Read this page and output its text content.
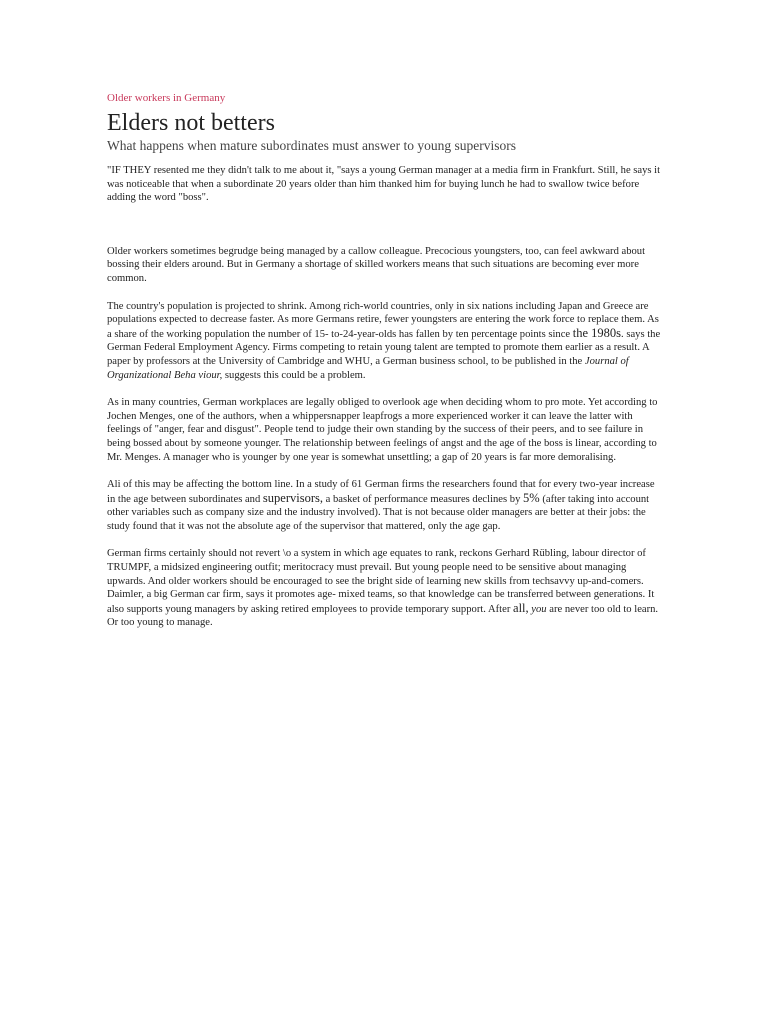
Older workers in Germany
Elders not betters
What happens when mature subordinates must answer to young supervisors

"IF THEY resented me they didn't talk to me about it, "says a young German manager at a media firm in Frankfurt. Still, he says it was noticeable that when a subordinate 20 years older than him thanked him for buying lunch he had to swallow twice before adding the word "boss".

Older workers sometimes begrudge being managed by a callow colleague. Precocious youngsters, too, can feel awkward about bossing their elders around. But in Germany a shortage of skilled workers means that such situations are becoming ever more common.

The country's population is projected to shrink. Among rich-world countries, only in six nations including Japan and Greece are populations expected to decrease faster. As more Germans retire, fewer youngsters are entering the work force to replace them. As a share of the working population the number of 15- to-24-year-olds has fallen by ten percentage points since the 1980s. says the German Federal Employment Agency. Firms competing to retain young talent are tempted to promote them earlier as a result. A paper by professors at the University of Cambridge and WHU, a German business school, to be published in the Journal of Organizational Beha viour, suggests this could be a problem.

As in many countries, German workplaces are legally obliged to overlook age when deciding whom to pro mote. Yet according to Jochen Menges, one of the authors, when a whippersnapper leapfrogs a more experienced worker it can leave the latter with feelings of "anger, fear and disgust". People tend to judge their own standing by the success of their peers, and to see failure in being bossed about by someone younger. The relationship between feelings of angst and the age of the boss is linear, according to Mr. Menges. A manager who is younger by one year is somewhat unsettling; a gap of 20 years is far more demoralising.

Ali of this may be affecting the bottom line. In a study of 61 German firms the researchers found that for every two-year increase in the age between subordinates and supervisors, a basket of performance measures declines by 5% (after taking into account other variables such as company size and the industry involved). That is not because older managers are better at their jobs: the study found that it was not the absolute age of the supervisor that mattered, only the age gap.

German firms certainly should not revert \o a system in which age equates to rank, reckons Gerhard Rübling, labour director of TRUMPF, a midsized engineering outfit; meritocracy must prevail. But young people need to be sensitive about managing upwards. And older workers should be encouraged to see the bright side of learning new skills from techsavvy up-and-comers. Daimler, a big German car firm, says it promotes age- mixed teams, so that knowledge can be transferred between generations. It also supports young managers by asking retired employees to provide temporary support. After all, you are never too old to learn. Or too young to manage.
